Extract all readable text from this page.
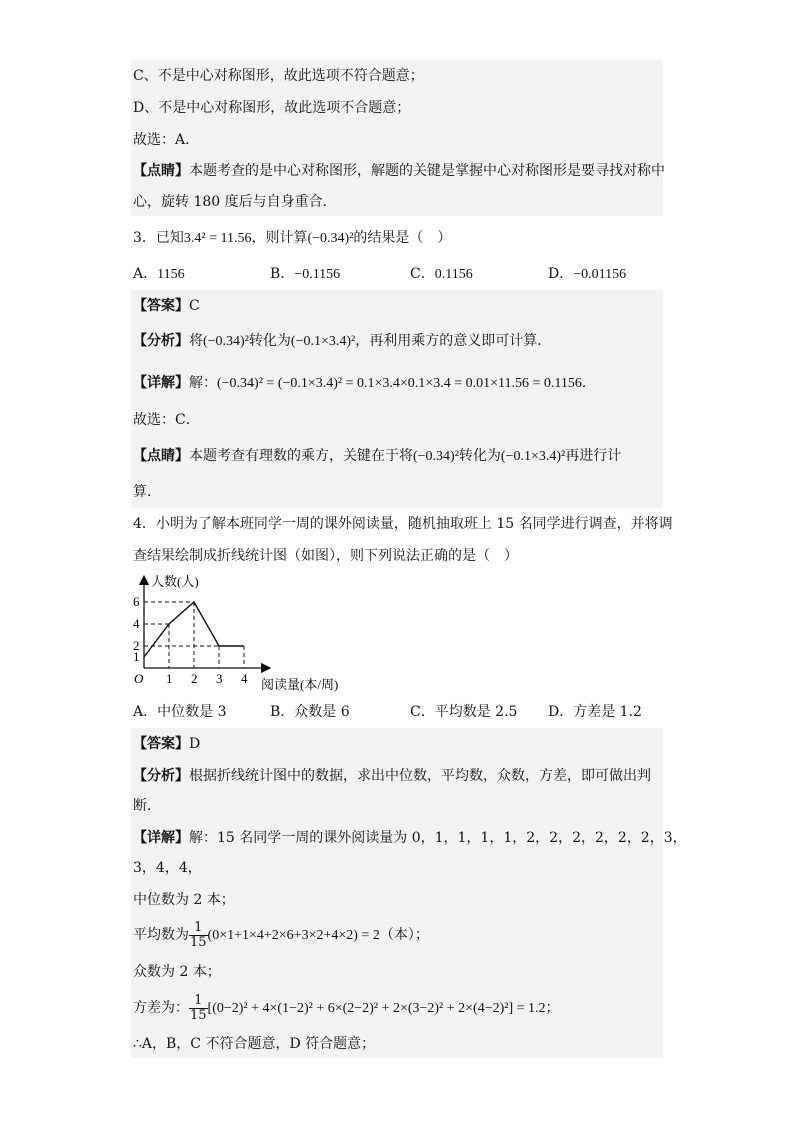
C、不是中心对称图形，故此选项不符合题意；
D、不是中心对称图形，故此选项不合题意；
故选：A．
【点睛】本题考查的是中心对称图形，解题的关键是掌握中心对称图形是要寻找对称中
心，旋转 180 度后与自身重合．
3．已知3.4² = 11.56，则计算(−0.34)²的结果是（　）
A．1156	B．−0.1156	C．0.1156	D．−0.01156
【答案】C
【分析】将(−0.34)²转化为(−0.1×3.4)²，再利用乘方的意义即可计算．
【详解】解：(−0.34)² = (−0.1×3.4)² = 0.1×3.4×0.1×3.4 = 0.01×11.56 = 0.1156．
故选：C．
【点睛】本题考查有理数的乘方，关键在于将(−0.34)²转化为(−0.1×3.4)²再进行计
算．
4．小明为了解本班同学一周的课外阅读量，随机抽取班上 15 名同学进行调查，并将调
查结果绘制成折线统计图（如图），则下列说法正确的是（　）
1 2 3 4
1
2
4
6
O
人数(人)
阅读量(本/周)
A．中位数是 3	B．众数是 6	C．平均数是 2.5 D．方差是 1.2
【答案】D
【分析】根据折线统计图中的数据，求出中位数，平均数，众数，方差，即可做出判
断．
【详解】解：15 名同学一周的课外阅读量为 0，1，1，1，1，2，2，2，2，2，2，3，
3，4，4，
中位数为 2 本；
平均数为 $\frac{1}{15} (0\times 1+1\times 4+2\times 6+3\times 2+4\times 2) = 2$（本）；
众数为 2 本；
方差为： $\frac{1}{15} [(0-2)^2 + 4\times(1-2)^2 + 6\times(2-2)^2 + 2\times(3-2)^2 + 2\times(4-2)^2] = 1.2$；
∴A，B，C 不符合题意，D 符合题意；
